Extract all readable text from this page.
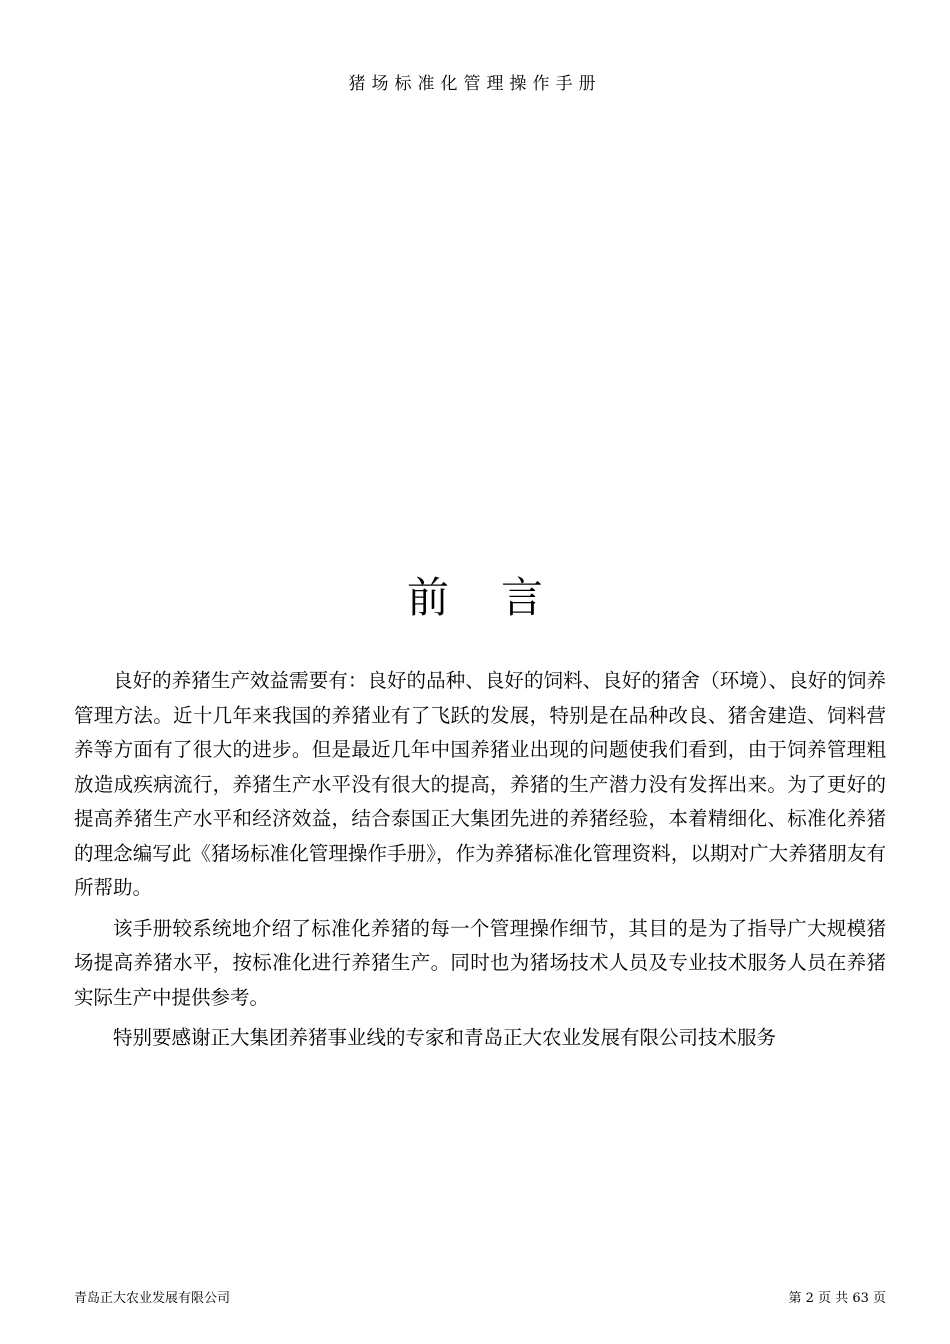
猪场标准化管理操作手册
前言

良好的养猪生产效益需要有：良好的品种、良好的饲料、良好的猪舍（环境）、良好的饲养管理方法。近十几年来我国的养猪业有了飞跃的发展，特别是在品种改良、猪舍建造、饲料营养等方面有了很大的进步。但是最近几年中国养猪业出现的问题使我们看到，由于饲养管理粗放造成疾病流行，养猪生产水平没有很大的提高，养猪的生产潜力没有发挥出来。为了更好的提高养猪生产水平和经济效益，结合泰国正大集团先进的养猪经验，本着精细化、标准化养猪的理念编写此《猪场标准化管理操作手册》，作为养猪标准化管理资料，以期对广大养猪朋友有所帮助。

该手册较系统地介绍了标准化养猪的每一个管理操作细节，其目的是为了指导广大规模猪场提高养猪水平，按标准化进行养猪生产。同时也为猪场技术人员及专业技术服务人员在养猪实际生产中提供参考。

特别要感谢正大集团养猪事业线的专家和青岛正大农业发展有限公司技术服务

青岛正大农业发展有限公司	第 2 页 共 63 页
